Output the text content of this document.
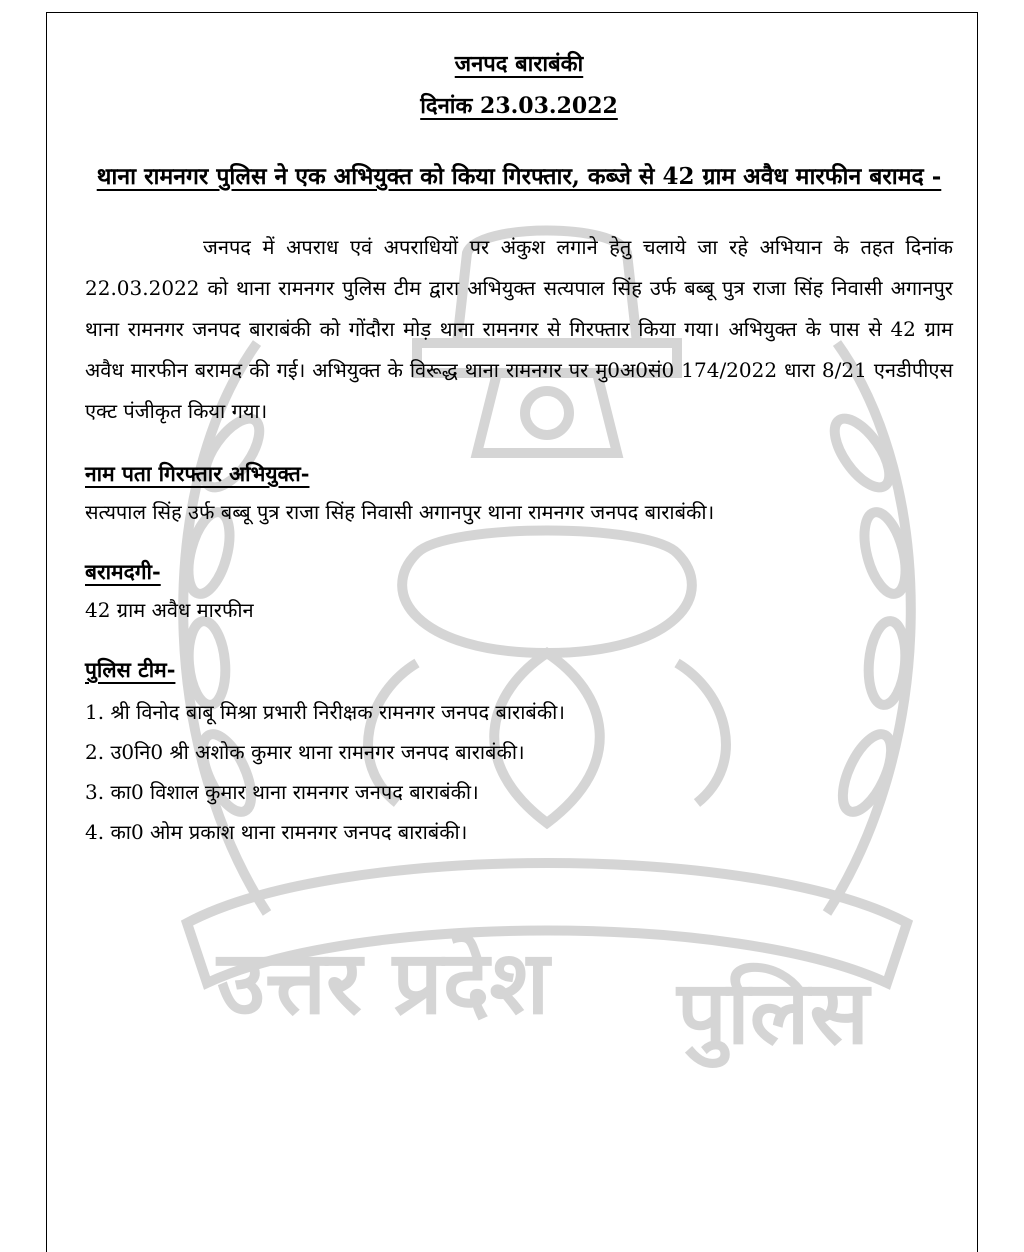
उत्तर प्रदेश पुलिस

जनपद बाराबंकी

दिनांक 23.03.2022

थाना रामनगर पुलिस ने एक अभियुक्त को किया गिरफ्तार, कब्जे से 42 ग्राम अवैध मारफीन बरामद -

जनपद में अपराध एवं अपराधियों पर अंकुश लगाने हेतु चलाये जा रहे अभियान के तहत दिनांक 22.03.2022 को थाना रामनगर पुलिस टीम द्वारा अभियुक्त सत्यपाल सिंह उर्फ बब्बू पुत्र राजा सिंह निवासी अगानपुर थाना रामनगर जनपद बाराबंकी को गोंदौरा मोड़ थाना रामनगर से गिरफ्तार किया गया। अभियुक्त के पास से 42 ग्राम अवैध मारफीन बरामद की गई। अभियुक्त के विरूद्ध थाना रामनगर पर मु0अ0सं0 174/2022 धारा 8/21 एनडीपीएस एक्ट पंजीकृत किया गया।

नाम पता गिरफ्तार अभियुक्त-

सत्यपाल सिंह उर्फ बब्बू पुत्र राजा सिंह निवासी अगानपुर थाना रामनगर जनपद बाराबंकी।

बरामदगी-

42 ग्राम अवैध मारफीन

पुलिस टीम-

1. श्री विनोद बाबू मिश्रा प्रभारी निरीक्षक रामनगर जनपद बाराबंकी।
2. उ0नि0 श्री अशोक कुमार थाना रामनगर जनपद बाराबंकी।
3. का0 विशाल कुमार थाना रामनगर जनपद बाराबंकी।
4. का0 ओम प्रकाश थाना रामनगर जनपद बाराबंकी।
